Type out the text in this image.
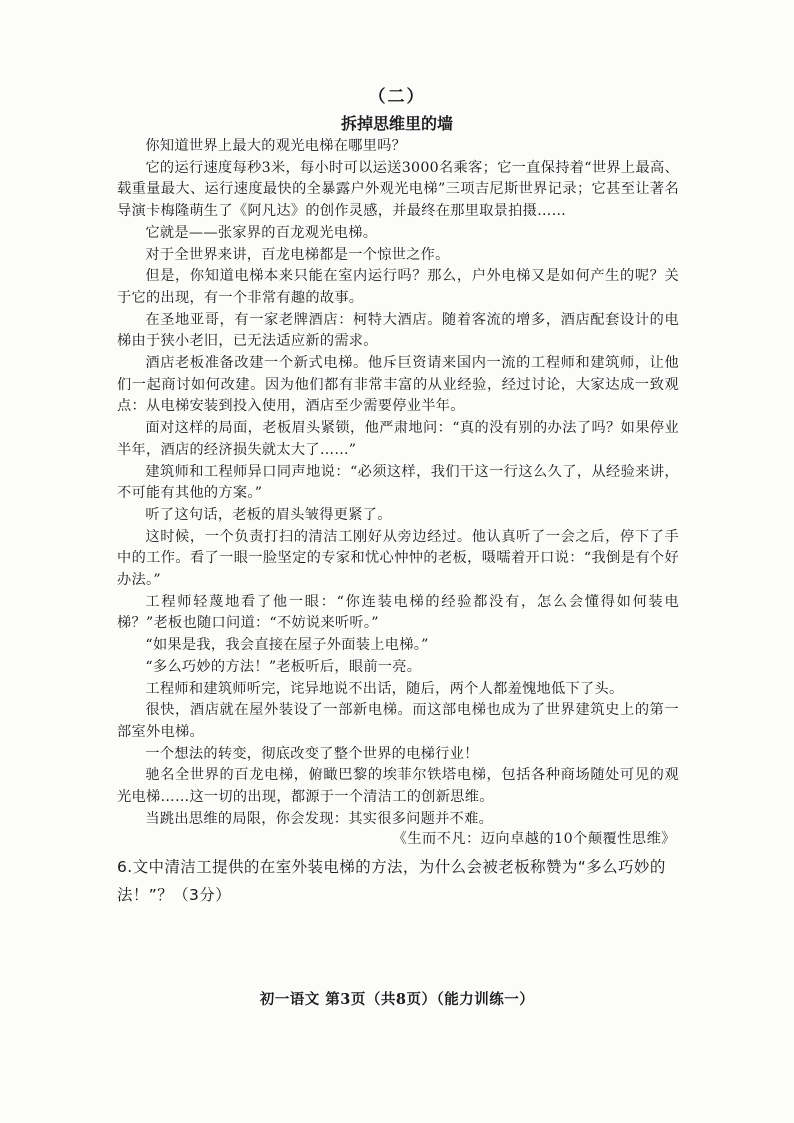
（二）
拆掉思维里的墙

你知道世界上最大的观光电梯在哪里吗？

它的运行速度每秒3米，每小时可以运送3000名乘客；它一直保持着“世界上最高、载重量最大、运行速度最快的全暴露户外观光电梯”三项吉尼斯世界记录；它甚至让著名导演卡梅隆萌生了《阿凡达》的创作灵感，并最终在那里取景拍摄……

它就是——张家界的百龙观光电梯。

对于全世界来讲，百龙电梯都是一个惊世之作。

但是，你知道电梯本来只能在室内运行吗？那么，户外电梯又是如何产生的呢？关于它的出现，有一个非常有趣的故事。

在圣地亚哥，有一家老牌酒店：柯特大酒店。随着客流的增多，酒店配套设计的电梯由于狭小老旧，已无法适应新的需求。

酒店老板准备改建一个新式电梯。他斥巨资请来国内一流的工程师和建筑师，让他们一起商讨如何改建。因为他们都有非常丰富的从业经验，经过讨论，大家达成一致观点：从电梯安装到投入使用，酒店至少需要停业半年。

面对这样的局面，老板眉头紧锁，他严肃地问：“真的没有别的办法了吗？如果停业半年，酒店的经济损失就太大了……”

建筑师和工程师异口同声地说：“必须这样，我们干这一行这么久了，从经验来讲，不可能有其他的方案。”

听了这句话，老板的眉头皱得更紧了。

这时候，一个负责打扫的清洁工刚好从旁边经过。他认真听了一会之后，停下了手中的工作。看了一眼一脸坚定的专家和忧心忡忡的老板，嗫嚅着开口说：“我倒是有个好办法。”

工程师轻蔑地看了他一眼：“你连装电梯的经验都没有，怎么会懂得如何装电梯？”老板也随口问道：“不妨说来听听。”

“如果是我，我会直接在屋子外面装上电梯。”

“多么巧妙的方法！”老板听后，眼前一亮。

工程师和建筑师听完，诧异地说不出话，随后，两个人都羞愧地低下了头。

很快，酒店就在屋外装设了一部新电梯。而这部电梯也成为了世界建筑史上的第一部室外电梯。

一个想法的转变，彻底改变了整个世界的电梯行业！

驰名全世界的百龙电梯，俯瞰巴黎的埃菲尔铁塔电梯，包括各种商场随处可见的观光电梯……这一切的出现，都源于一个清洁工的创新思维。

当跳出思维的局限，你会发现：其实很多问题并不难。

《生而不凡：迈向卓越的10个颠覆性思维》
6.文中清洁工提供的在室外装电梯的方法，为什么会被老板称赞为“多么巧妙的法！”？（3分）
初一语文 第3页（共8页）（能力训练一）
